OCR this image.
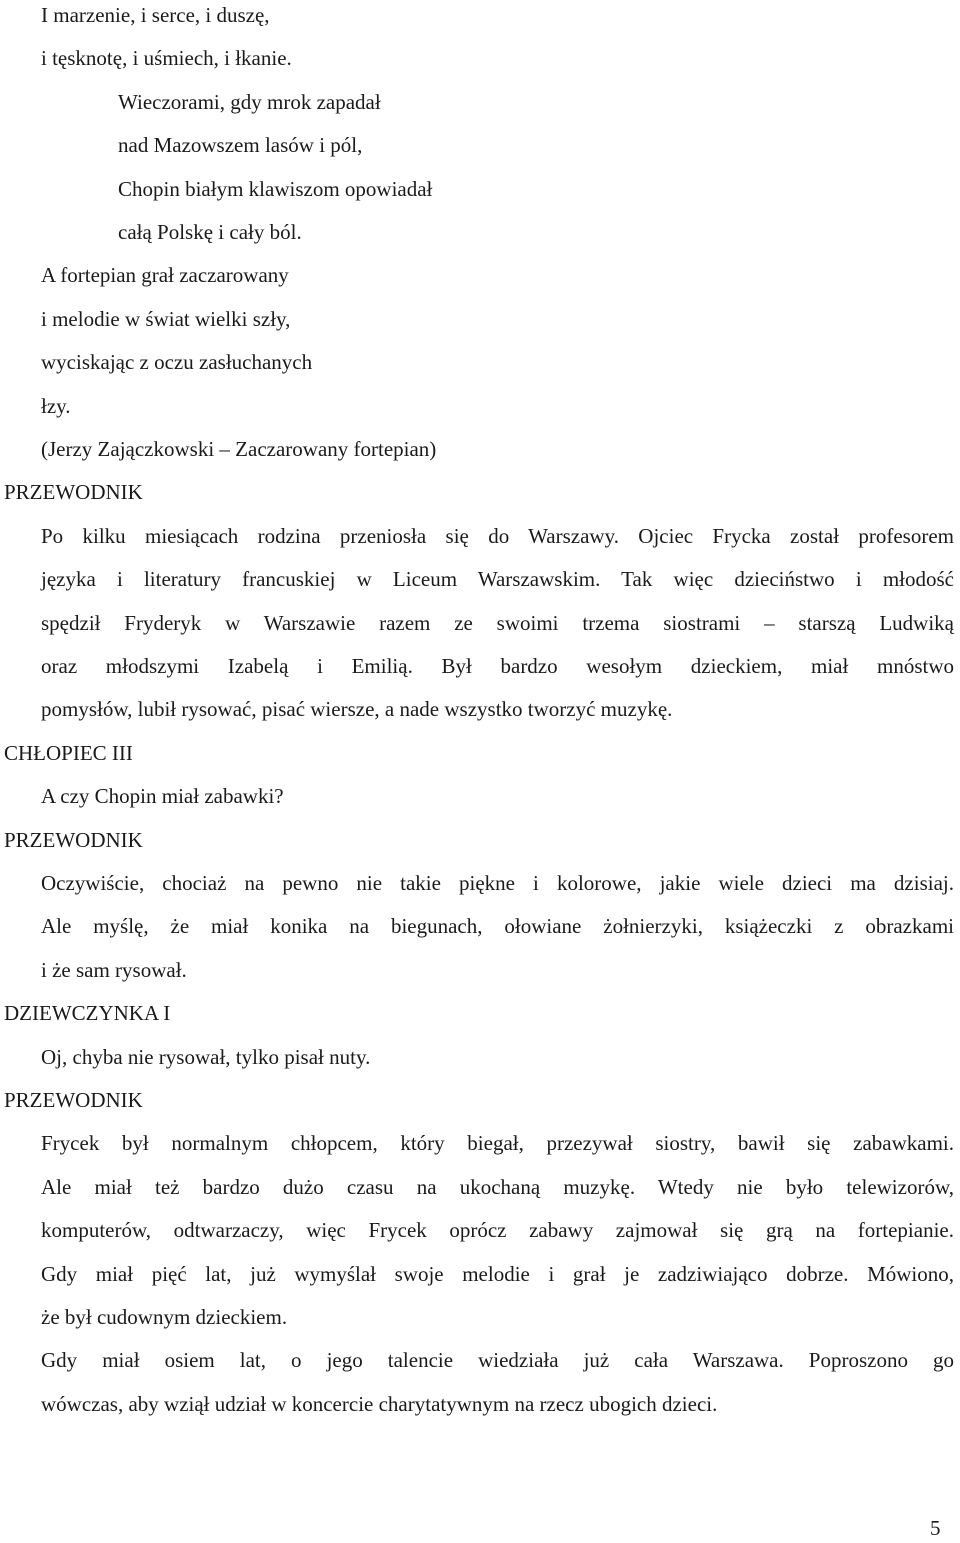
I marzenie, i serce, i duszę,
i tęsknotę, i uśmiech, i łkanie.
Wieczorami, gdy mrok zapadał
nad Mazowszem lasów i pól,
Chopin białym klawiszom opowiadał
całą Polskę i cały ból.
A fortepian grał zaczarowany
i melodie w świat wielki szły,
wyciskając z oczu zasłuchanych
łzy.
(Jerzy Zajączkowski – Zaczarowany fortepian)
PRZEWODNIK
Po kilku miesiącach rodzina przeniosła się do Warszawy. Ojciec Frycka został profesorem
języka i literatury francuskiej w Liceum Warszawskim. Tak więc dzieciństwo i młodość
spędził Fryderyk w Warszawie razem ze swoimi trzema siostrami – starszą Ludwiką
oraz młodszymi Izabelą i Emilią. Był bardzo wesołym dzieckiem, miał mnóstwo
pomysłów, lubił rysować, pisać wiersze, a nade wszystko tworzyć muzykę.
CHŁOPIEC III
A czy Chopin miał zabawki?
PRZEWODNIK
Oczywiście, chociaż na pewno nie takie piękne i kolorowe, jakie wiele dzieci ma dzisiaj.
Ale myślę, że miał konika na biegunach, ołowiane żołnierzyki, książeczki z obrazkami
i że sam rysował.
DZIEWCZYNKA I
Oj, chyba nie rysował, tylko pisał nuty.
PRZEWODNIK
Frycek był normalnym chłopcem, który biegał, przezywał siostry, bawił się zabawkami.
Ale miał też bardzo dużo czasu na ukochaną muzykę. Wtedy nie było telewizorów,
komputerów, odtwarzaczy, więc Frycek oprócz zabawy zajmował się grą na fortepianie.
Gdy miał pięć lat, już wymyślał swoje melodie i grał je zadziwiająco dobrze. Mówiono,
że był cudownym dzieckiem.
Gdy miał osiem lat, o jego talencie wiedziała już cała Warszawa. Poproszono go
wówczas, aby wziął udział w koncercie charytatywnym na rzecz ubogich dzieci.
5
